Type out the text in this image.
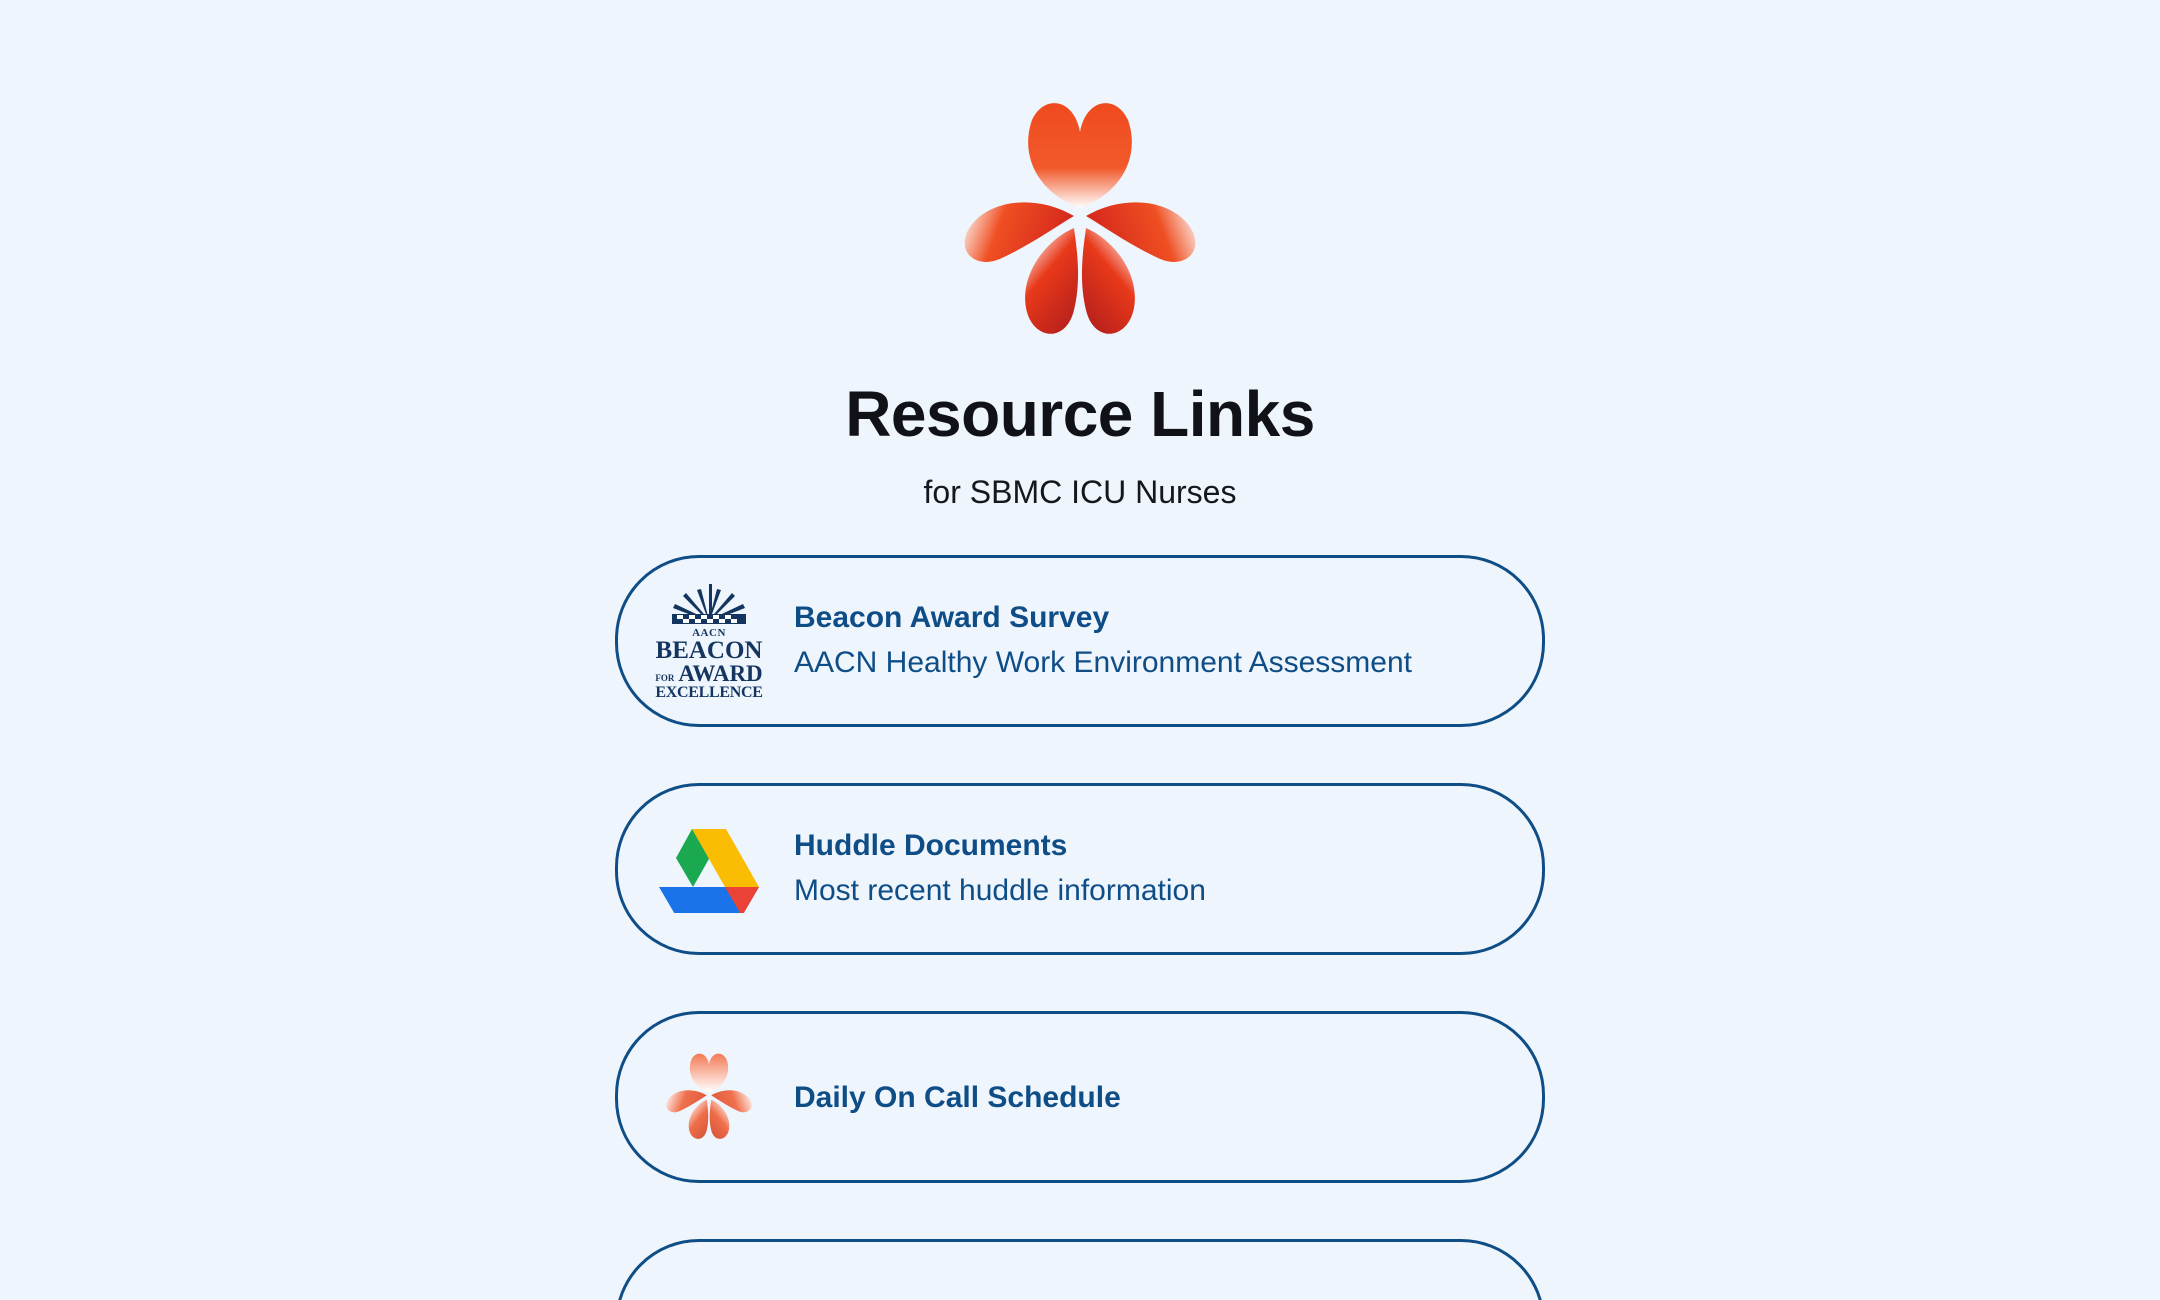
Resource Links
for SBMC ICU Nurses
AACN
BEACON
FOR AWARD
EXCELLENCE
Beacon Award Survey
AACN Healthy Work Environment Assessment
Huddle Documents
Most recent huddle information
Daily On Call Schedule
